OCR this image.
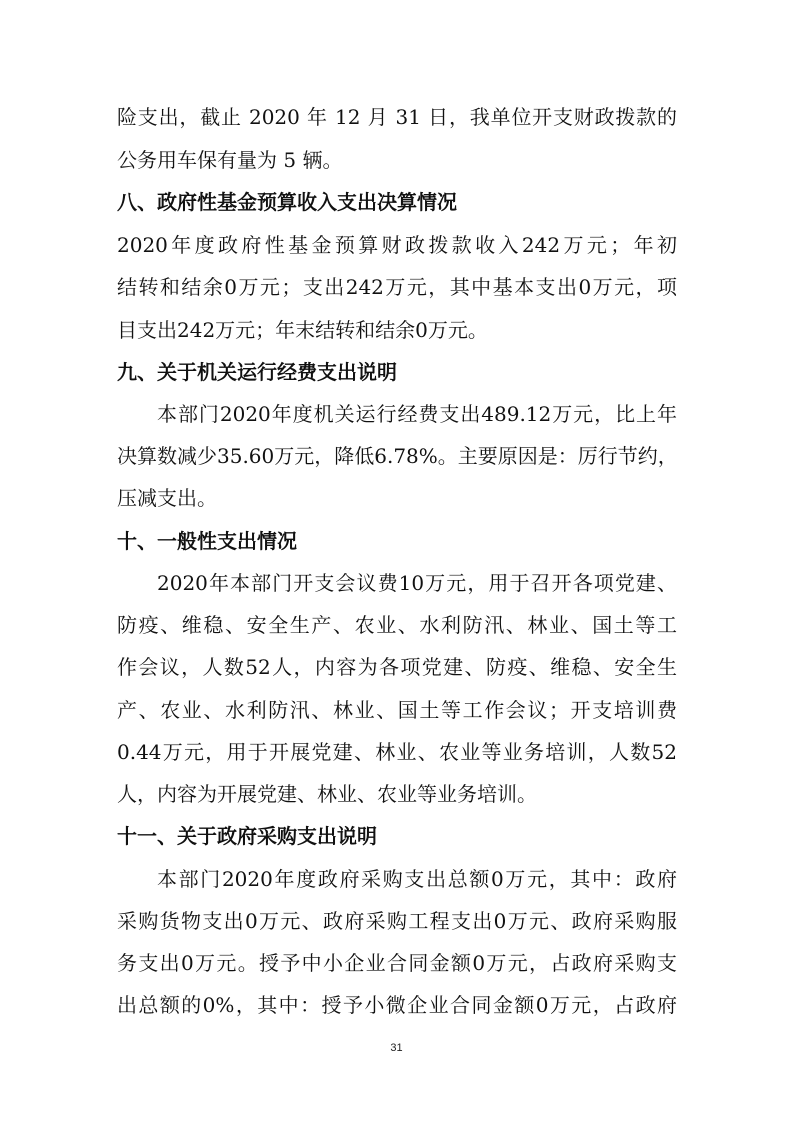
险支出，截止 2020 年 12 月 31 日，我单位开支财政拨款的
公务用车保有量为 5 辆。
八、政府性基金预算收入支出决算情况
2020年度政府性基金预算财政拨款收入242万元；年初
结转和结余0万元；支出242万元，其中基本支出0万元，项
目支出242万元；年末结转和结余0万元。
九、关于机关运行经费支出说明
本部门2020年度机关运行经费支出489.12万元，比上年
决算数减少35.60万元，降低6.78%。主要原因是：厉行节约，
压减支出。
十、一般性支出情况
2020年本部门开支会议费10万元，用于召开各项党建、
防疫、维稳、安全生产、农业、水利防汛、林业、国土等工
作会议，人数52人，内容为各项党建、防疫、维稳、安全生
产、农业、水利防汛、林业、国土等工作会议；开支培训费
0.44万元，用于开展党建、林业、农业等业务培训，人数52
人，内容为开展党建、林业、农业等业务培训。
十一、关于政府采购支出说明
本部门2020年度政府采购支出总额0万元，其中：政府
采购货物支出0万元、政府采购工程支出0万元、政府采购服
务支出0万元。授予中小企业合同金额0万元，占政府采购支
出总额的0%，其中：授予小微企业合同金额0万元，占政府
31
